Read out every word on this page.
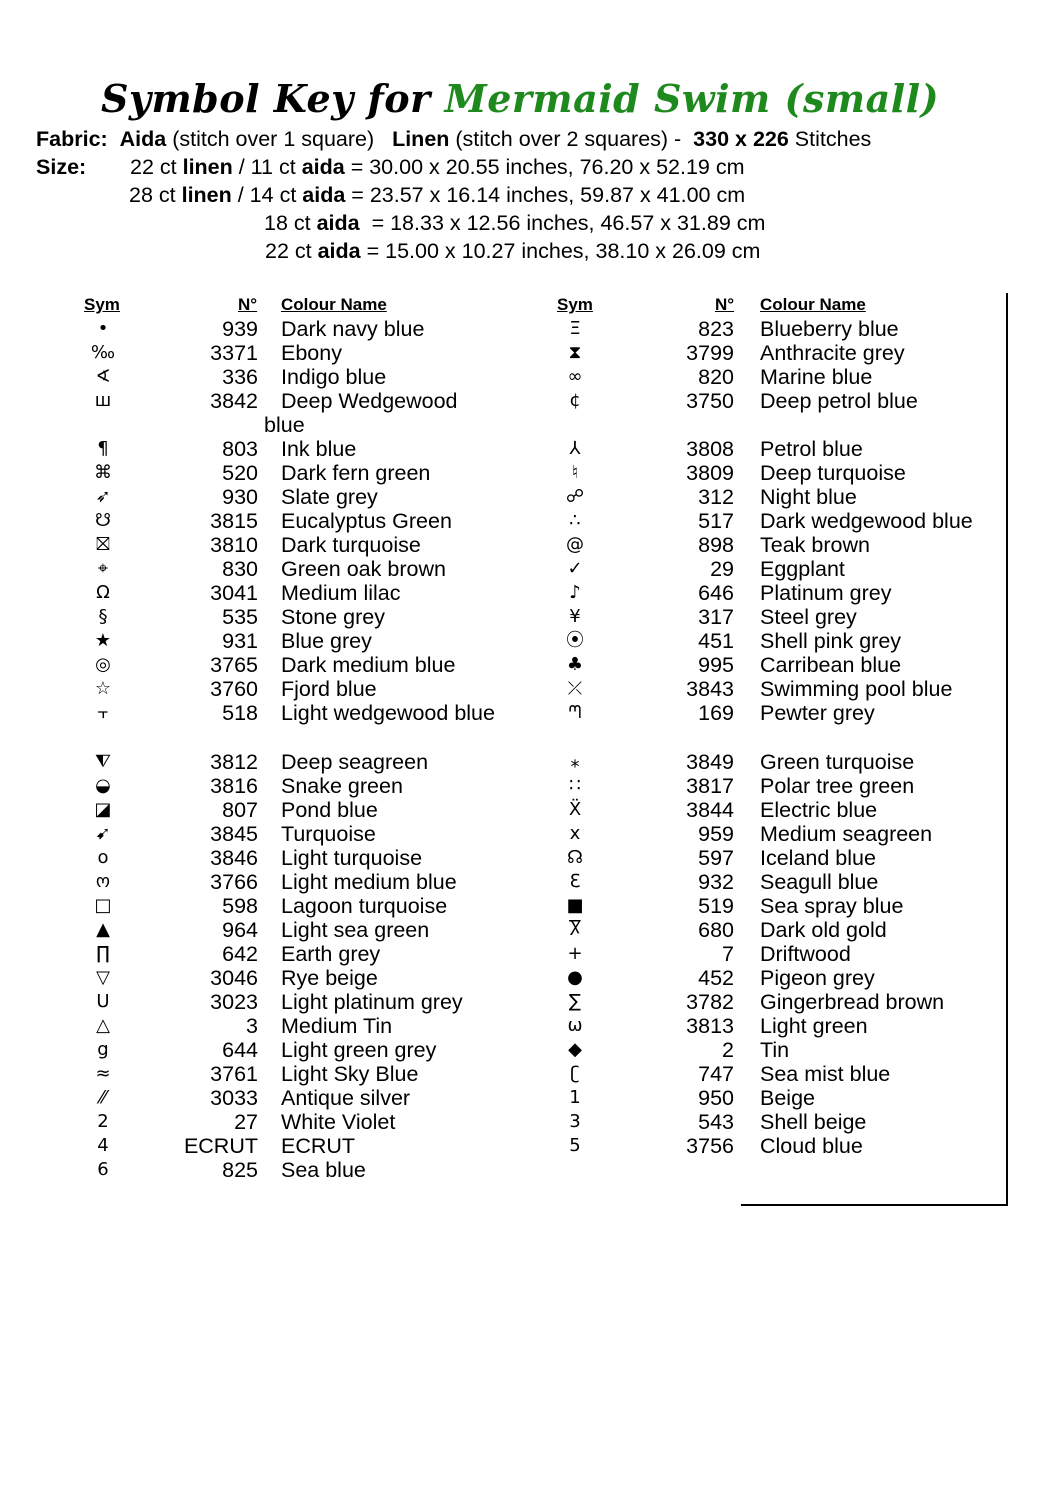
Symbol Key for Mermaid Swim (small)
Fabric: Aida (stitch over 1 square)   Linen (stitch over 2 squares) -  330 x 226 Stitches
Size: 22 ct linen / 11 ct aida = 30.00 x 20.55 inches, 76.20 x 52.19 cm
28 ct linen / 14 ct aida = 23.57 x 16.14 inches, 59.87 x 41.00 cm
18 ct aida  = 18.33 x 12.56 inches, 46.57 x 31.89 cm
22 ct aida = 15.00 x 10.27 inches, 38.10 x 26.09 cm
Sym	N° Colour Name	Sym	N° Colour Name
•	939 Dark navy blue
‰	3371 Ebony
∢	336 Indigo blue
ш	3842 Deep Wedgewood
blue
¶	803 Ink blue
⌘	520 Dark fern green
➶	930 Slate grey
☋	3815 Eucalyptus Green
⛝	3810 Dark turquoise
⌖	830 Green oak brown
Ω	3041 Medium lilac
§	535 Stone grey
★	931 Blue grey
◎	3765 Dark medium blue
☆	3760 Fjord blue
⫟	518 Light wedgewood blue
⧨	3812 Deep seagreen
◒	3816 Snake green
◪	807 Pond blue
➹	3845 Turquoise
o	3846 Light turquoise
ო	3766 Light medium blue
□	598 Lagoon turquoise
▲	964 Light sea green
∏	642 Earth grey
▽	3046 Rye beige
ᑌ	3023 Light platinum grey
△	3 Medium Tin
g	644 Light green grey
≈	3761 Light Sky Blue
⁄⁄	3033 Antique silver
2	27 White Violet
4	ECRUT ECRUT
6	825 Sea blue
Ξ	823 Blueberry blue
⧗	3799 Anthracite grey
∞	820 Marine blue
¢	3750 Deep petrol blue
⅄	3808 Petrol blue
♮	3809 Deep turquoise
☍	312 Night blue
∴	517 Dark wedgewood blue
@	898 Teak brown
✓	29 Eggplant
♪	646 Platinum grey
¥	317 Steel grey
⦿	451 Shell pink grey
♣	995 Carribean blue
⤫	3843 Swimming pool blue
ᘉ	169 Pewter grey
⁎	3849 Green turquoise
∷	3817 Polar tree green
Ẍ	3844 Electric blue
x	959 Medium seagreen
☊	597 Iceland blue
ℇ	932 Seagull blue
■	519 Sea spray blue
Ⴟ	680 Dark old gold
+	7 Driftwood
●	452 Pigeon grey
∑	3782 Gingerbread brown
ω	3813 Light green
◆	2 Tin
ʗ	747 Sea mist blue
1	950 Beige
3	543 Shell beige
5	3756 Cloud blue
